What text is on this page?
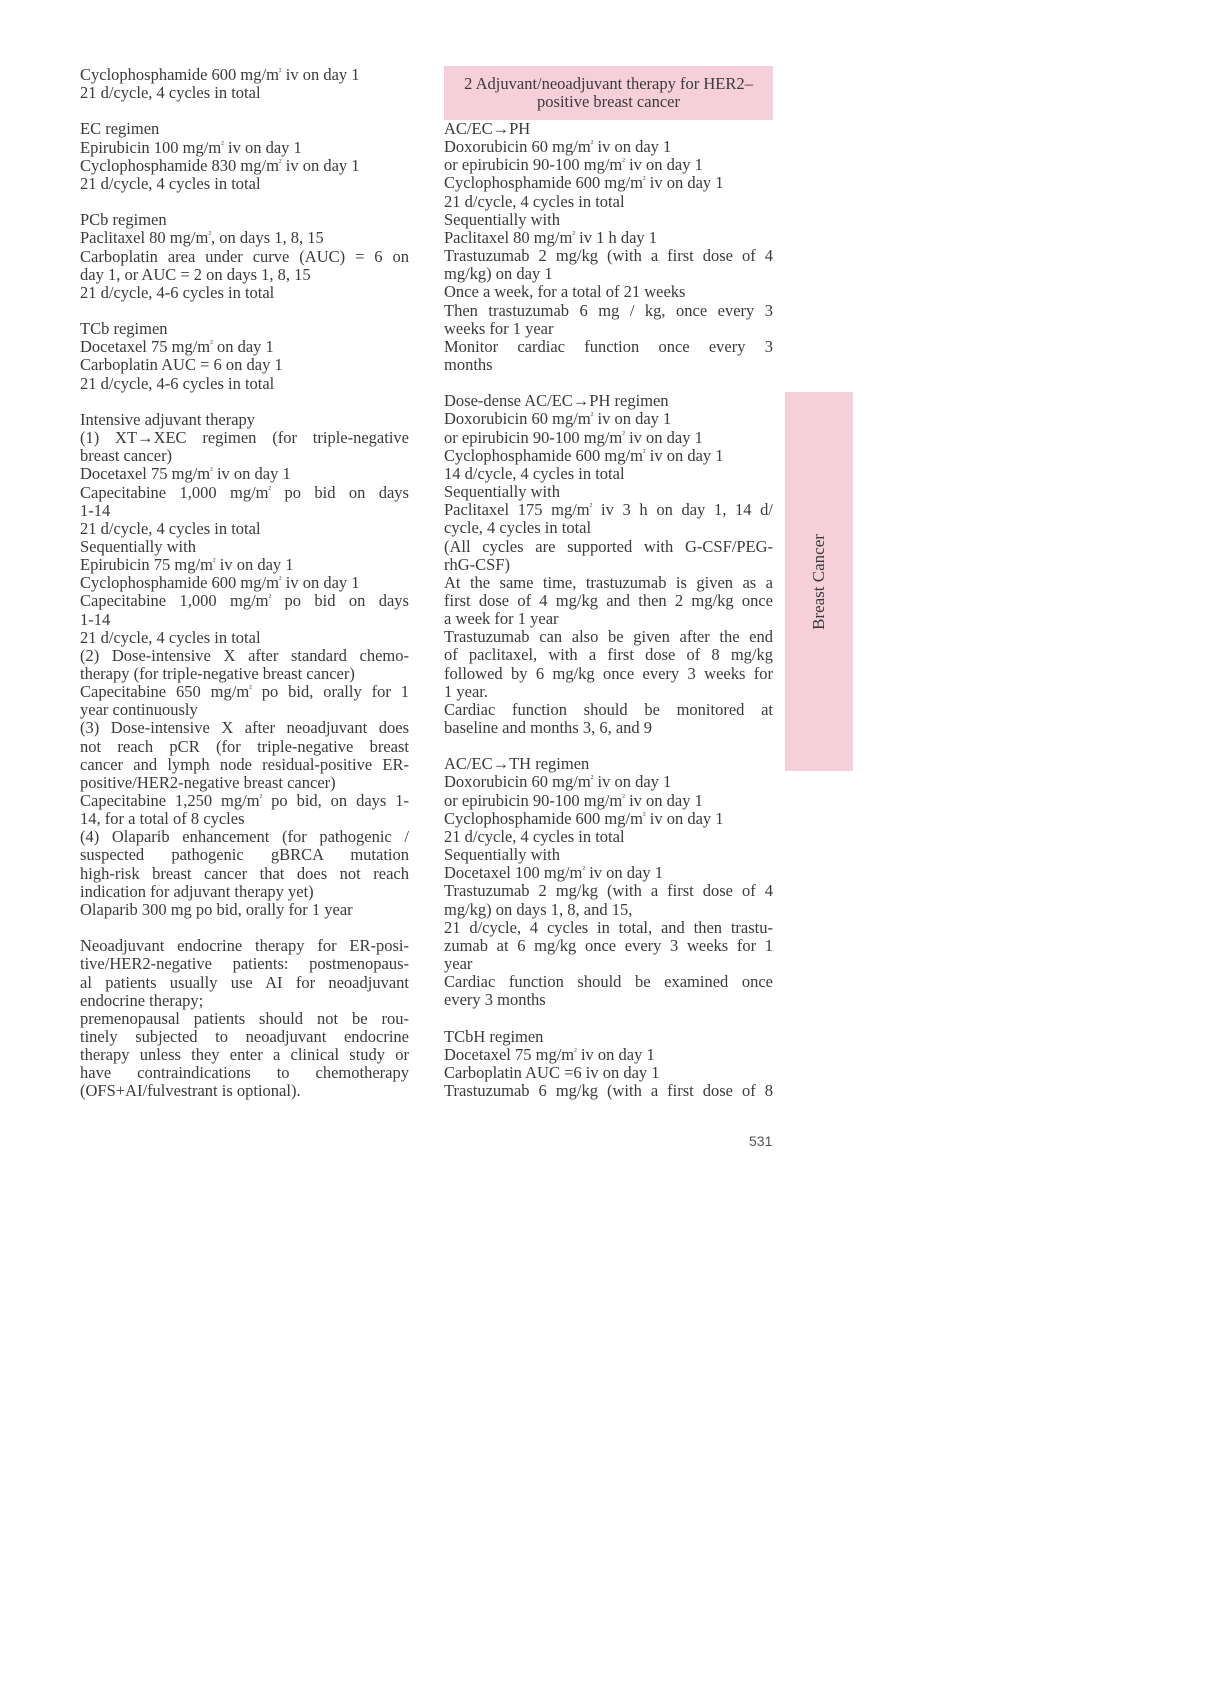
Cyclophosphamide 600 $mg/m^{^2}$ iv on day 1
21 d/cycle, 4 cycles in total
EC regimen
Epirubicin 100 $mg/m^{^2}$ iv on day 1
Cyclophosphamide 830 $mg/m^{^2}$ iv on day 1
21 d/cycle, 4 cycles in total
PCb regimen
Paclitaxel 80 $mg/m^{^2}$, on days 1, 8, 15
Carboplatin area under curve (AUC) = 6 on
day 1, or AUC = 2 on days 1, 8, 15
21 d/cycle, 4-6 cycles in total
TCb regimen
Docetaxel 75 $mg/m^{^2}$ on day 1
Carboplatin AUC = 6 on day 1
21 d/cycle, 4-6 cycles in total
Intensive adjuvant therapy
(1) XT→XEC regimen (for triple-negative
breast cancer)
Docetaxel 75 $mg/m^{^2}$ iv on day 1
Capecitabine 1,000 $mg/m^{^2}$ po bid on days
1-14
21 d/cycle, 4 cycles in total
Sequentially with
Epirubicin 75 $mg/m^{^2}$ iv on day 1
Cyclophosphamide 600 $mg/m^{^2}$ iv on day 1
Capecitabine 1,000 $mg/m^{^2}$ po bid on days
1-14
21 d/cycle, 4 cycles in total
(2) Dose-intensive X after standard chemo-
therapy (for triple-negative breast cancer)
Capecitabine 650 $mg/m^{^2}$ po bid, orally for 1
year continuously
(3) Dose-intensive X after neoadjuvant does
not reach pCR (for triple-negative breast
cancer and lymph node residual-positive ER-
positive/HER2-negative breast cancer)
Capecitabine 1,250 $mg/m^{^2}$ po bid, on days 1-
14, for a total of 8 cycles
(4) Olaparib enhancement (for pathogenic /
suspected pathogenic gBRCA mutation
high-risk breast cancer that does not reach
indication for adjuvant therapy yet)
Olaparib 300 mg po bid, orally for 1 year
Neoadjuvant endocrine therapy for ER-posi-
tive/HER2-negative patients: postmenopaus-
al patients usually use AI for neoadjuvant
endocrine therapy;
premenopausal patients should not be rou-
tinely subjected to neoadjuvant endocrine
therapy unless they enter a clinical study or
have contraindications to chemotherapy
(OFS+AI/fulvestrant is optional).
2 Adjuvant/neoadjuvant therapy for HER2–
positive breast cancer
AC/EC→PH
Doxorubicin 60 $mg/m^{^2}$ iv on day 1
or epirubicin 90-100 $mg/m^{^2}$ iv on day 1
Cyclophosphamide 600 $mg/m^{^2}$ iv on day 1
21 d/cycle, 4 cycles in total
Sequentially with
Paclitaxel 80 $mg/m^{^2}$ iv 1 h day 1
Trastuzumab 2 mg/kg (with a first dose of 4
mg/kg) on day 1
Once a week, for a total of 21 weeks
Then trastuzumab 6 mg / kg, once every 3
weeks for 1 year
Monitor cardiac function once every 3
months
Dose-dense AC/EC→PH regimen
Doxorubicin 60 $mg/m^{^2}$ iv on day 1
or epirubicin 90-100 $mg/m^{^2}$ iv on day 1
Cyclophosphamide 600 $mg/m^{^2}$ iv on day 1
14 d/cycle, 4 cycles in total
Sequentially with
Paclitaxel 175 $mg/m^{^2}$ iv 3 h on day 1, 14 d/
cycle, 4 cycles in total
(All cycles are supported with G-CSF/PEG-
rhG-CSF)
At the same time, trastuzumab is given as a
first dose of 4 mg/kg and then 2 mg/kg once
a week for 1 year
Trastuzumab can also be given after the end
of paclitaxel, with a first dose of 8 mg/kg
followed by 6 mg/kg once every 3 weeks for
1 year.
Cardiac function should be monitored at
baseline and months 3, 6, and 9
AC/EC→TH regimen
Doxorubicin 60 $mg/m^{^2}$ iv on day 1
or epirubicin 90-100 $mg/m^{^2}$ iv on day 1
Cyclophosphamide 600 $mg/m^{^2}$ iv on day 1
21 d/cycle, 4 cycles in total
Sequentially with
Docetaxel 100 $mg/m^{^2}$ iv on day 1
Trastuzumab 2 mg/kg (with a first dose of 4
mg/kg) on days 1, 8, and 15,
21 d/cycle, 4 cycles in total, and then trastu-
zumab at 6 mg/kg once every 3 weeks for 1
year
Cardiac function should be examined once
every 3 months
TCbH regimen
Docetaxel 75 $mg/m^{^2}$ iv on day 1
Carboplatin AUC =6 iv on day 1
Trastuzumab 6 mg/kg (with a first dose of 8
Breast Cancer
531
